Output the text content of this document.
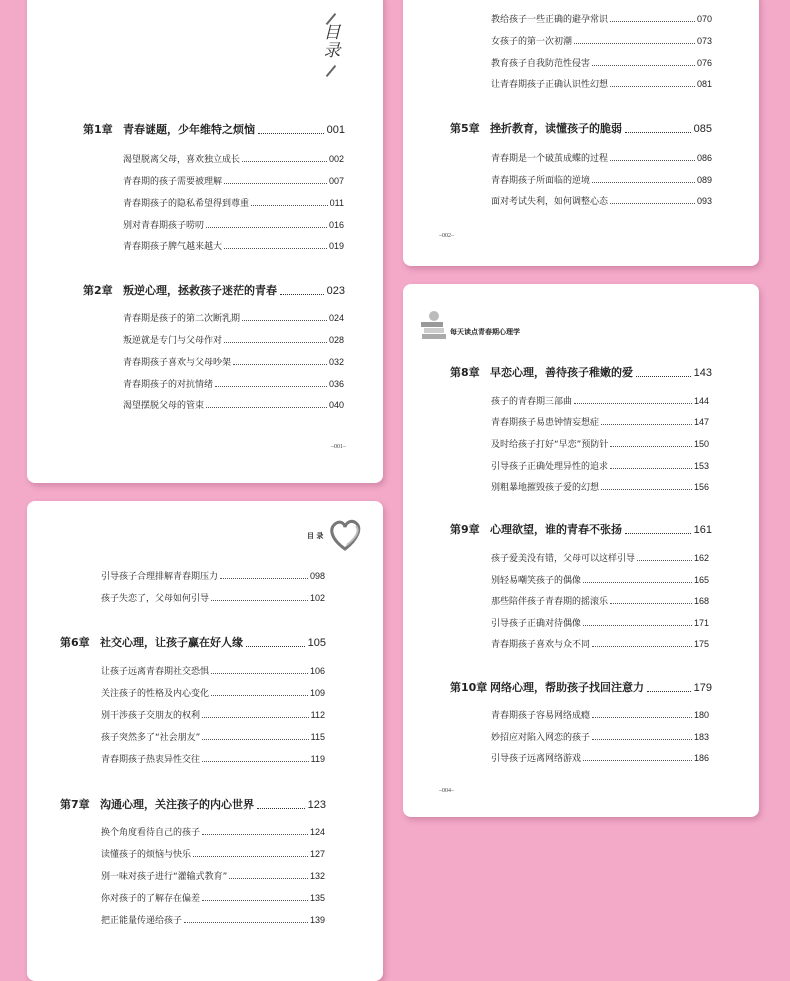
目
录
第1章 青春谜题，少年维特之烦恼	001
渴望脱离父母，喜欢独立成长	002
青春期的孩子需要被理解	007
青春期孩子的隐私希望得到尊重	011
别对青春期孩子唠叨	016
青春期孩子脾气越来越大	019
第2章 叛逆心理，拯救孩子迷茫的青春	023
青春期是孩子的第二次断乳期	024
叛逆就是专门与父母作对	028
青春期孩子喜欢与父母吵架	032
青春期孩子的对抗情绪	036
渴望摆脱父母的管束	040
–001–
教给孩子一些正确的避孕常识	070
女孩子的第一次初潮	073
教育孩子自我防范性侵害	076
让青春期孩子正确认识性幻想	081
第5章 挫折教育，读懂孩子的脆弱	085
青春期是一个破茧成蝶的过程	086
青春期孩子所面临的逆境	089
面对考试失利，如何调整心态	093
–002–
目 录
引导孩子合理排解青春期压力	098
孩子失恋了，父母如何引导	102
第6章 社交心理，让孩子赢在好人缘	105
让孩子远离青春期社交恐惧	106
关注孩子的性格及内心变化	109
别干涉孩子交朋友的权利	112
孩子突然多了“社会朋友”	115
青春期孩子热衷异性交往	119
第7章 沟通心理，关注孩子的内心世界	123
换个角度看待自己的孩子	124
读懂孩子的烦恼与快乐	127
别一味对孩子进行“灌输式教育”	132
你对孩子的了解存在偏差	135
把正能量传递给孩子	139
每天读点青春期心理学
第8章 早恋心理，善待孩子稚嫩的爱	143
孩子的青春期三部曲	144
青春期孩子易患钟情妄想症	147
及时给孩子打好“早恋”预防针	150
引导孩子正确处理异性的追求	153
别粗暴地摧毁孩子爱的幻想	156
第9章 心理欲望，谁的青春不张扬	161
孩子爱美没有错，父母可以这样引导	162
别轻易嘲笑孩子的偶像	165
那些陪伴孩子青春期的摇滚乐	168
引导孩子正确对待偶像	171
青春期孩子喜欢与众不同	175
第10章 网络心理，帮助孩子找回注意力	179
青春期孩子容易网络成瘾	180
妙招应对陷入网恋的孩子	183
引导孩子远离网络游戏	186
–004–
